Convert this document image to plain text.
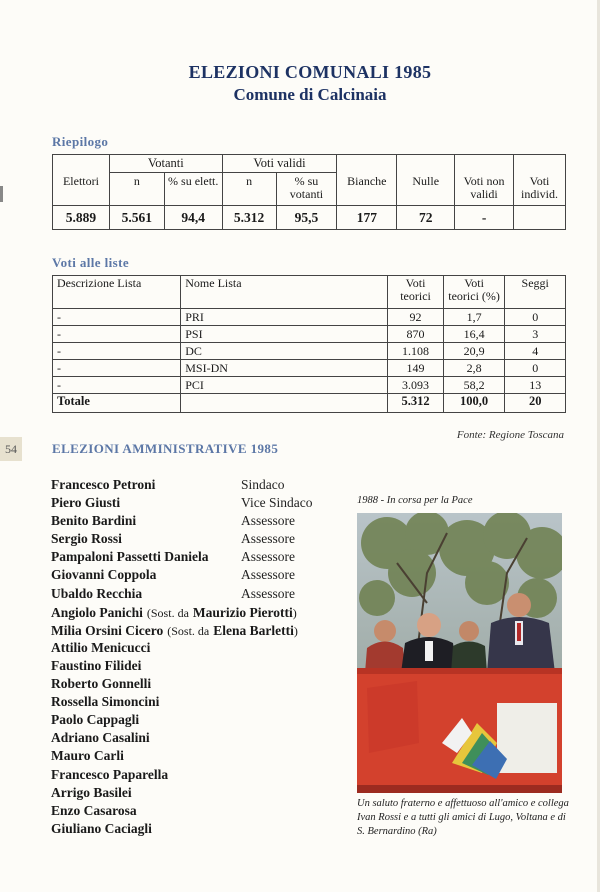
ELEZIONI COMUNALI 1985
Comune di Calcinaia
Riepilogo
	Votanti		Voti validi					
Elettori	n	% su elett.	n	% su votanti	Bianche	Nulle	Voti non validi	Voti individ.
5.889	5.561	94,4	5.312	95,5	177	72	-	
Voti alle liste
Descrizione Lista	Nome Lista	Voti teorici	Voti teorici (%)	Seggi
-	PRI	92	1,7	0
-	PSI	870	16,4	3
-	DC	1.108	20,9	4
-	MSI-DN	149	2,8	0
-	PCI	3.093	58,2	13
Totale		5.312	100,0	20
Fonte: Regione Toscana
54	ELEZIONI AMMINISTRATIVE 1985
Francesco Petroni	Sindaco
Piero Giusti	Vice Sindaco
Benito Bardini	Assessore
Sergio Rossi	Assessore
Pampaloni Passetti Daniela	Assessore
Giovanni Coppola	Assessore
Ubaldo Recchia	Assessore
Angiolo Panichi
(Sost. da
Maurizio Pierotti )
Milia Orsini Cicero
(Sost. da
Elena Barletti )
Attilio Menicucci
Faustino Filidei
Roberto Gonnelli
Rossella Simoncini
Paolo Cappagli
Adriano Casalini
Mauro Carli
Francesco Paparella
Arrigo Basilei
Enzo Casarosa
Giuliano Caciagli
1988 - In corsa per la Pace
Un saluto fraterno e affettuoso all'amico e collega Ivan Rossi e a tutti gli amici di Lugo, Voltana e di S. Bernardino (Ra)
